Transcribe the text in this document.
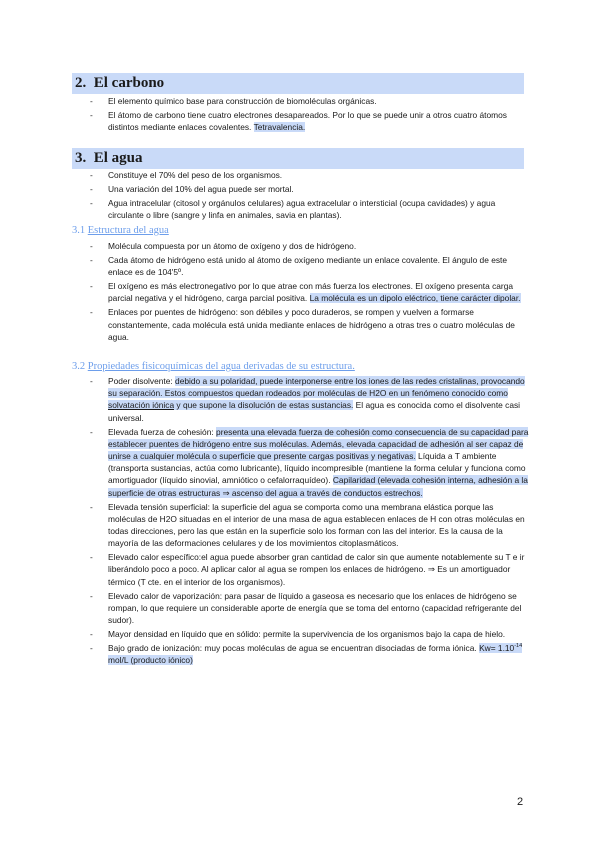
2. El carbono
- El elemento químico base para construcción de biomoléculas orgánicas.
- El átomo de carbono tiene cuatro electrones desapareados. Por lo que se puede unir a otros cuatro átomos distintos mediante enlaces covalentes. Tetravalencia.
3. El agua
- Constituye el 70% del peso de los organismos.
- Una variación del 10% del agua puede ser mortal.
- Agua intracelular (citosol y orgánulos celulares) agua extracelular o intersticial (ocupa cavidades) y agua circulante o libre (sangre y linfa en animales, savia en plantas).
3.1 Estructura del agua
- Molécula compuesta por un átomo de oxígeno y dos de hidrógeno.
- Cada átomo de hidrógeno está unido al átomo de oxígeno mediante un enlace covalente. El ángulo de este enlace es de 104'5º.
- El oxígeno es más electronegativo por lo que atrae con más fuerza los electrones. El oxígeno presenta carga parcial negativa y el hidrógeno, carga parcial positiva. La molécula es un dipolo eléctrico, tiene carácter dipolar.
- Enlaces por puentes de hidrógeno: son débiles y poco duraderos, se rompen y vuelven a formarse constantemente, cada molécula está unida mediante enlaces de hidrógeno a otras tres o cuatro moléculas de agua.
3.2 Propiedades fisicoquímicas del agua derivadas de su estructura.
- Poder disolvente: debido a su polaridad, puede interponerse entre los iones de las redes cristalinas, provocando su separación. Estos compuestos quedan rodeados por moléculas de H2O en un fenómeno conocido como solvatación iónica y que supone la disolución de estas sustancias. El agua es conocida como el disolvente casi universal.
- Elevada fuerza de cohesión: presenta una elevada fuerza de cohesión como consecuencia de su capacidad para establecer puentes de hidrógeno entre sus moléculas. Además, elevada capacidad de adhesión al ser capaz de unirse a cualquier molécula o superficie que presente cargas positivas y negativas. Líquida a T ambiente (transporta sustancias, actúa como lubricante), líquido incompresible (mantiene la forma celular y funciona como amortiguador (líquido sinovial, amniótico o cefalorraquídeo). Capilaridad (elevada cohesión interna, adhesión a la superficie de otras estructuras ⇒ ascenso del agua a través de conductos estrechos.
- Elevada tensión superficial: la superficie del agua se comporta como una membrana elástica porque las moléculas de H2O situadas en el interior de una masa de agua establecen enlaces de H con otras moléculas en todas direcciones, pero las que están en la superficie solo los forman con las del interior. Es la causa de la mayoría de las deformaciones celulares y de los movimientos citoplasmáticos.
- Elevado calor específico:el agua puede absorber gran cantidad de calor sin que aumente notablemente su T e ir liberándolo poco a poco. Al aplicar calor al agua se rompen los enlaces de hidrógeno. ⇒ Es un amortiguador térmico (T cte. en el interior de los organismos).
- Elevado calor de vaporización: para pasar de líquido a gaseosa es necesario que los enlaces de hidrógeno se rompan, lo que requiere un considerable aporte de energía que se toma del entorno (capacidad refrigerante del sudor).
- Mayor densidad en líquido que en sólido: permite la supervivencia de los organismos bajo la capa de hielo.
- Bajo grado de ionización: muy pocas moléculas de agua se encuentran disociadas de forma iónica. $Kw= 1.10^{-14}$ mol/L (producto iónico)
2
